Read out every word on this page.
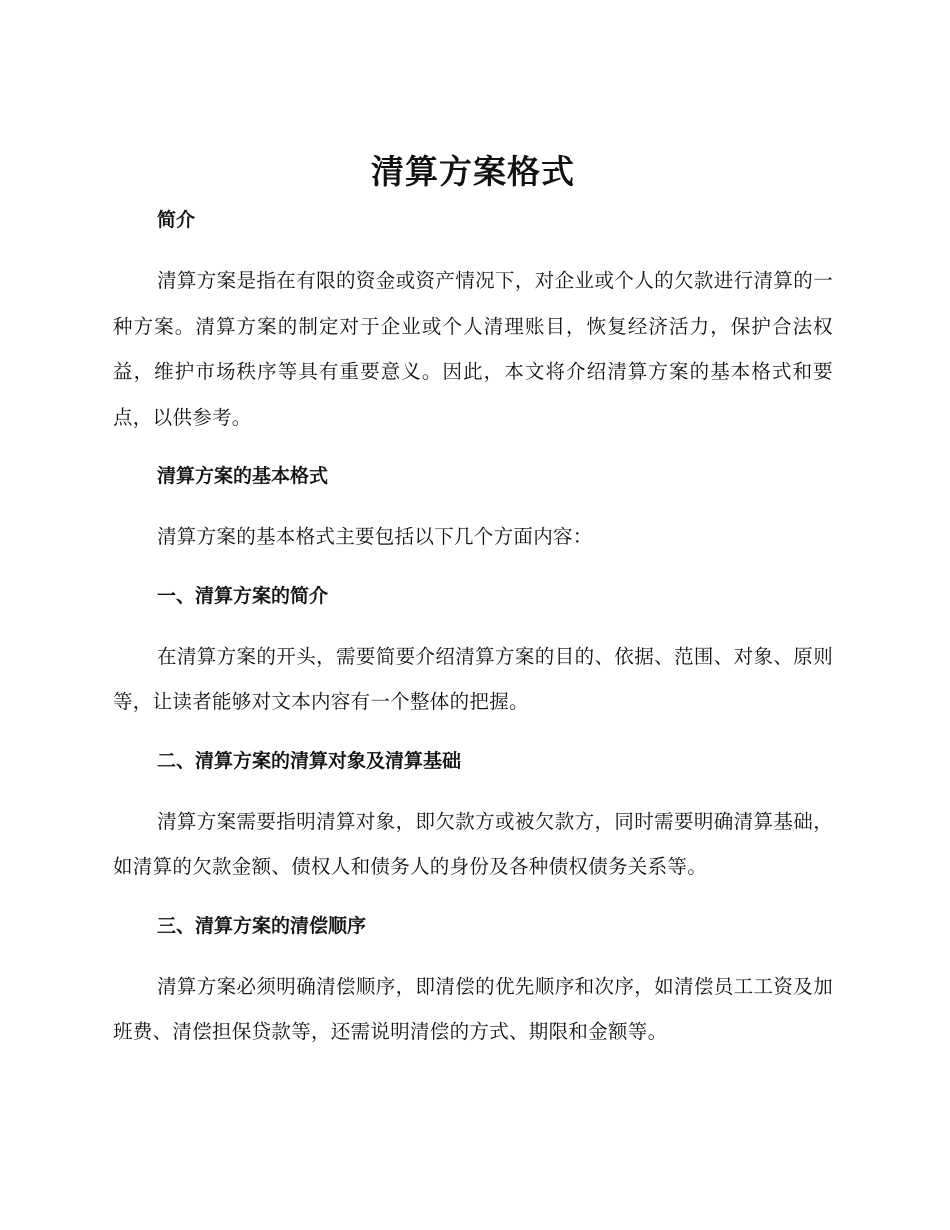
清算方案格式
简介

清算方案是指在有限的资金或资产情况下，对企业或个人的欠款进行清算的一种方案。清算方案的制定对于企业或个人清理账目，恢复经济活力，保护合法权益，维护市场秩序等具有重要意义。因此，本文将介绍清算方案的基本格式和要点，以供参考。

清算方案的基本格式

清算方案的基本格式主要包括以下几个方面内容：

一、清算方案的简介

在清算方案的开头，需要简要介绍清算方案的目的、依据、范围、对象、原则等，让读者能够对文本内容有一个整体的把握。

二、清算方案的清算对象及清算基础

清算方案需要指明清算对象，即欠款方或被欠款方，同时需要明确清算基础，如清算的欠款金额、债权人和债务人的身份及各种债权债务关系等。

三、清算方案的清偿顺序

清算方案必须明确清偿顺序，即清偿的优先顺序和次序，如清偿员工工资及加班费、清偿担保贷款等，还需说明清偿的方式、期限和金额等。
